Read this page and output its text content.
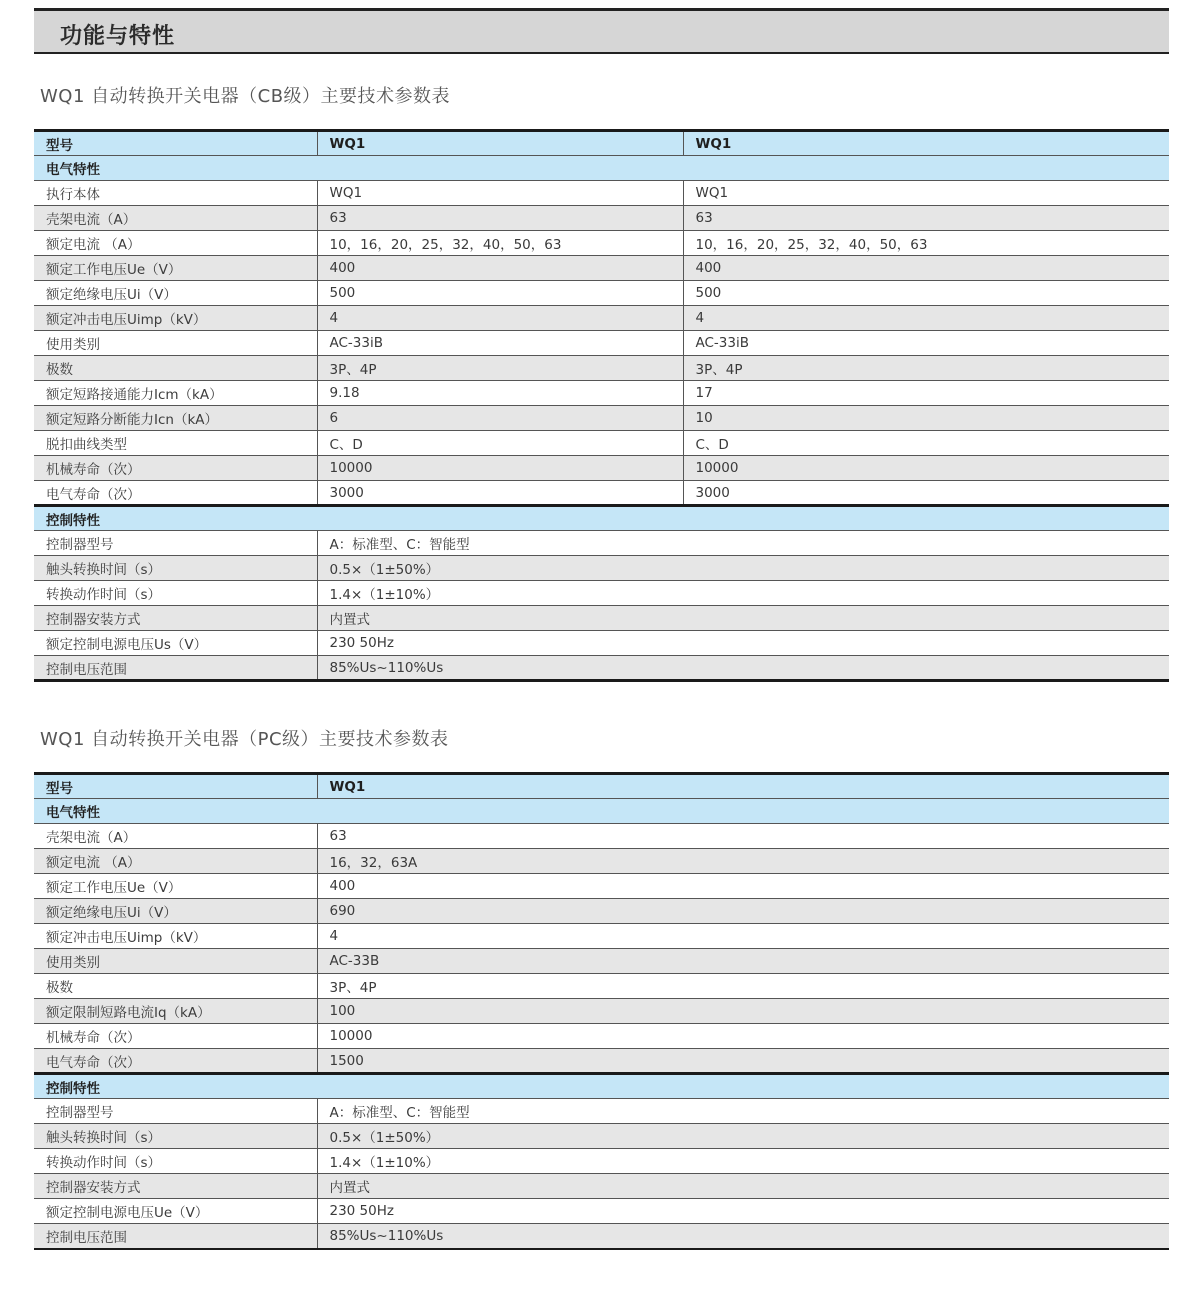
功能与特性
WQ1 自动转换开关电器（CB级）主要技术参数表
型号	WQ1	WQ1
电气特性		
执行本体	WQ1	WQ1
壳架电流（A）	63	63
额定电流 （A）	10，16，20，25，32，40，50，63	10，16，20，25，32，40，50，63
额定工作电压Ue（V）	400	400
额定绝缘电压Ui（V）	500	500
额定冲击电压Uimp（kV）	4	4
使用类别	AC-33iB	AC-33iB
极数	3P、4P	3P、4P
额定短路接通能力Icm（kA）	9.18	17
额定短路分断能力Icn（kA）	6	10
脱扣曲线类型	C、D	C、D
机械寿命（次）	10000	10000
电气寿命（次）	3000	3000
控制特性		
控制器型号	A：标准型、C：智能型	
触头转换时间（s）	0.5×（1±50%）	
转换动作时间（s）	1.4×（1±10%）	
控制器安装方式	内置式	
额定控制电源电压Us（V）	230 50Hz	
控制电压范围	85%Us~110%Us	
WQ1 自动转换开关电器（PC级）主要技术参数表
型号	WQ1
电气特性	
壳架电流（A）	63
额定电流 （A）	16，32，63A
额定工作电压Ue（V）	400
额定绝缘电压Ui（V）	690
额定冲击电压Uimp（kV）	4
使用类别	AC-33B
极数	3P、4P
额定限制短路电流Iq（kA）	100
机械寿命（次）	10000
电气寿命（次）	1500
控制特性	
控制器型号	A：标准型、C：智能型
触头转换时间（s）	0.5×（1±50%）
转换动作时间（s）	1.4×（1±10%）
控制器安装方式	内置式
额定控制电源电压Ue（V）	230 50Hz
控制电压范围	85%Us~110%Us
